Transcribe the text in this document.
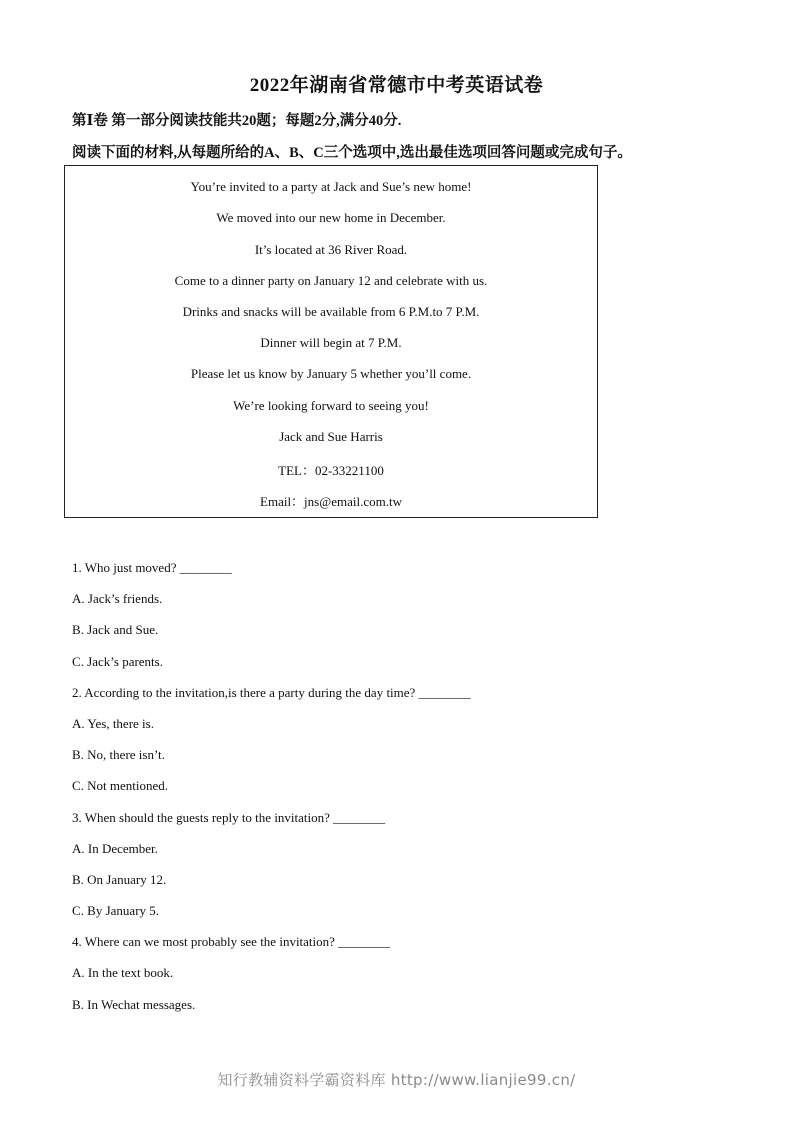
2022年湖南省常德市中考英语试卷
第Ⅰ卷 第一部分阅读技能共20题；每题2分,满分40分.
阅读下面的材料,从每题所给的A、B、C三个选项中,选出最佳选项回答问题或完成句子。
You’re invited to a party at Jack and Sue’s new home!
We moved into our new home in December.
It’s located at 36 River Road.
Come to a dinner party on January 12 and celebrate with us.
Drinks and snacks will be available from 6 P.M.to 7 P.M.
Dinner will begin at 7 P.M.
Please let us know by January 5 whether you’ll come.
We’re looking forward to seeing you!
Jack and Sue Harris
TEL：02-33221100
Email：jns@email.com.tw
1. Who just moved? ________
A. Jack’s friends.
B. Jack and Sue.
C. Jack’s parents.
2. According to the invitation,is there a party during the day time? ________
A. Yes, there is.
B. No, there isn’t.
C. Not mentioned.
3. When should the guests reply to the invitation? ________
A. In December.
B. On January 12.
C. By January 5.
4. Where can we most probably see the invitation? ________
A. In the text book.
B. In Wechat messages.
知行教辅资料学霸资料库 http://www.lianjie99.cn/
